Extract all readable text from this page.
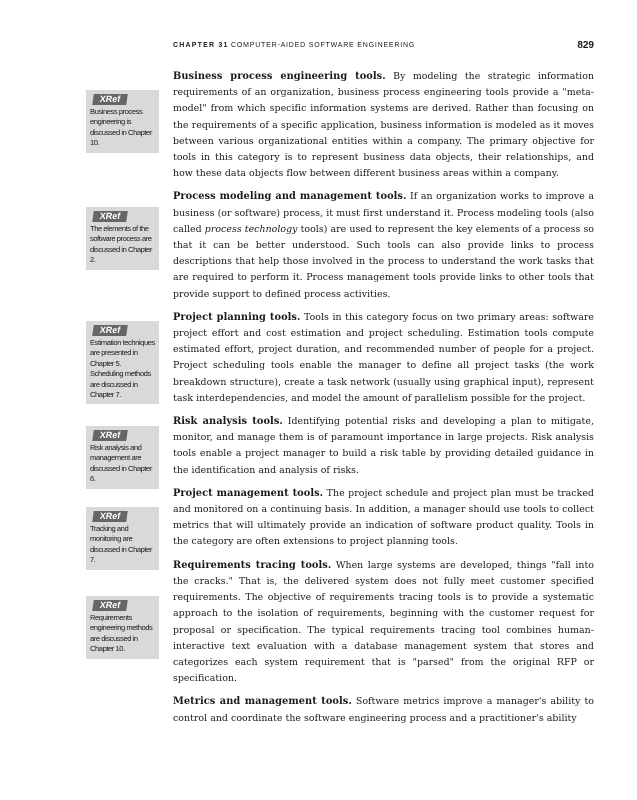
CHAPTER 31 COMPUTER-AIDED SOFTWARE ENGINEERING	829
XRef
Business process engineering is discussed in Chapter 10.
XRef
The elements of the software process are discussed in Chapter 2.
XRef
Estimation techniques are presented in Chapter 5. Scheduling methods are discussed in Chapter 7.
XRef
Risk analysis and management are discussed in Chapter 6.
XRef
Tracking and monitoring are discussed in Chapter 7.
XRef
Requirements engineering methods are discussed in Chapter 10.

Business process engineering tools. By modeling the strategic information requirements of an organization, business process engineering tools provide a "meta-model" from which specific information systems are derived. Rather than focusing on the requirements of a specific application, business information is modeled as it moves between various organizational entities within a company. The primary objective for tools in this category is to represent business data objects, their relationships, and how these data objects flow between different business areas within a company.

Process modeling and management tools. If an organization works to improve a business (or software) process, it must first understand it. Process modeling tools (also called process technology tools) are used to represent the key elements of a process so that it can be better understood. Such tools can also provide links to process descriptions that help those involved in the process to understand the work tasks that are required to perform it. Process management tools provide links to other tools that provide support to defined process activities.

Project planning tools. Tools in this category focus on two primary areas: software project effort and cost estimation and project scheduling. Estimation tools compute estimated effort, project duration, and recommended number of people for a project. Project scheduling tools enable the manager to define all project tasks (the work breakdown structure), create a task network (usually using graphical input), represent task interdependencies, and model the amount of parallelism possible for the project.

Risk analysis tools. Identifying potential risks and developing a plan to mitigate, monitor, and manage them is of paramount importance in large projects. Risk analysis tools enable a project manager to build a risk table by providing detailed guidance in the identification and analysis of risks.

Project management tools. The project schedule and project plan must be tracked and monitored on a continuing basis. In addition, a manager should use tools to collect metrics that will ultimately provide an indication of software product quality. Tools in the category are often extensions to project planning tools.

Requirements tracing tools. When large systems are developed, things "fall into the cracks." That is, the delivered system does not fully meet customer specified requirements. The objective of requirements tracing tools is to provide a systematic approach to the isolation of requirements, beginning with the customer request for proposal or specification. The typical requirements tracing tool combines human-interactive text evaluation with a database management system that stores and categorizes each system requirement that is "parsed" from the original RFP or specification.

Metrics and management tools. Software metrics improve a manager's ability to control and coordinate the software engineering process and a practitioner's ability
